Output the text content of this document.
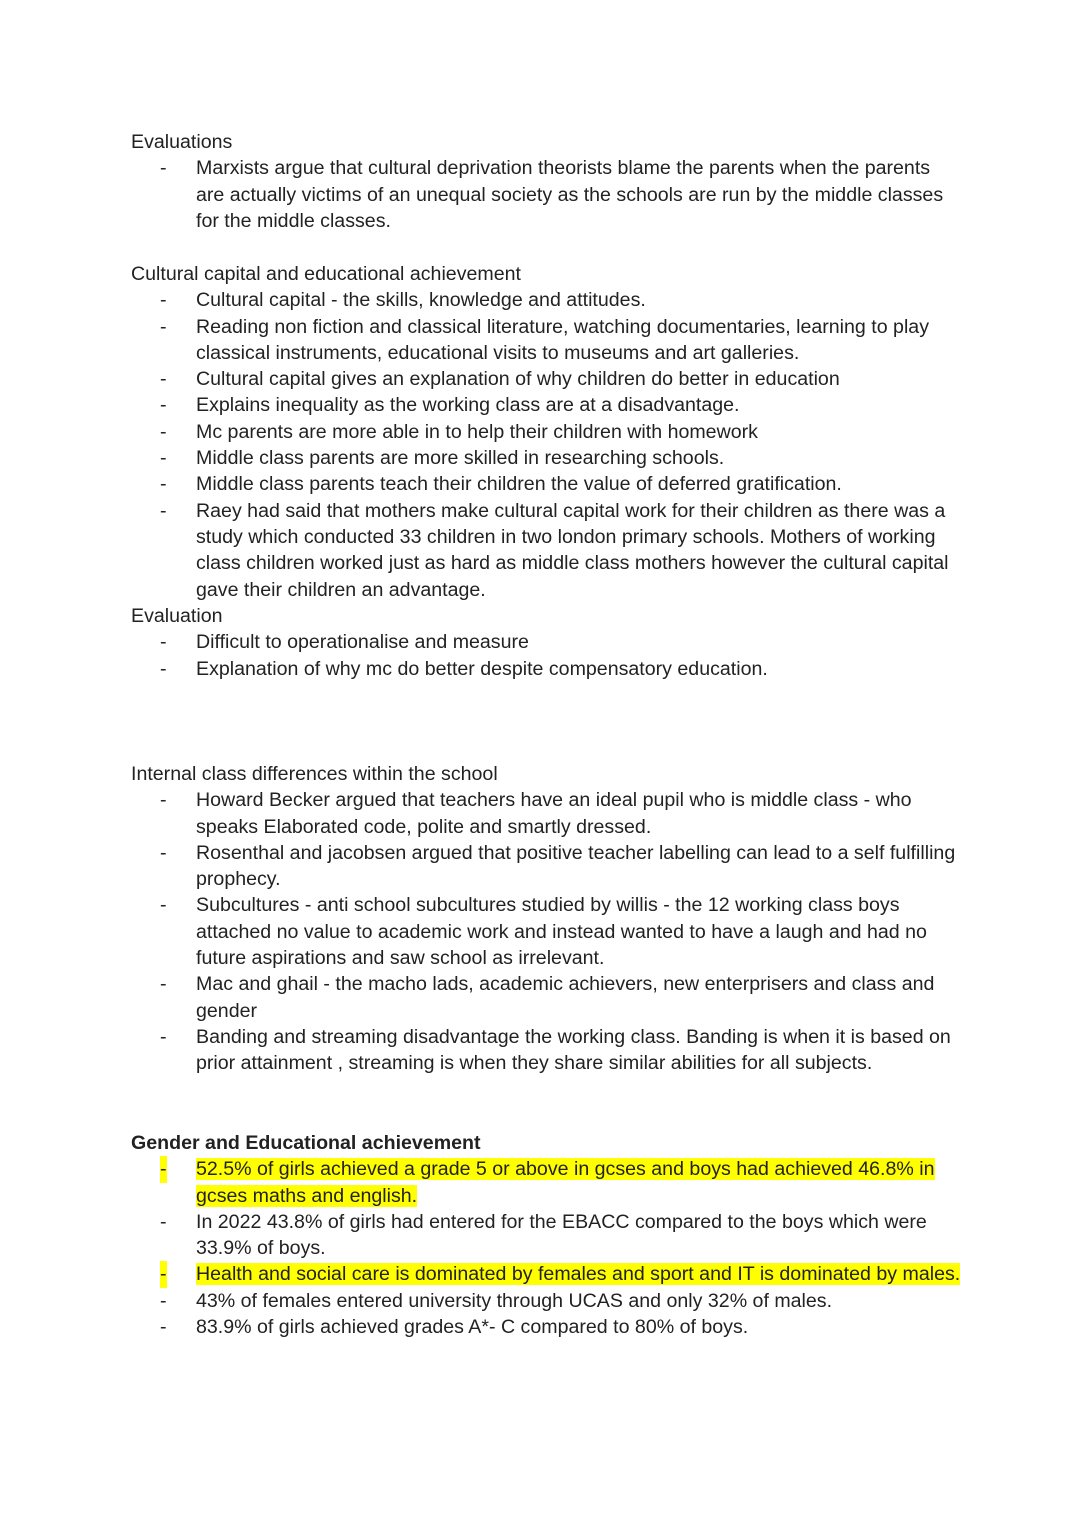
Evaluations

- Marxists argue that cultural deprivation theorists blame the parents when the parents are actually victims of an unequal society as the schools are run by the middle classes for the middle classes.

Cultural capital and educational achievement

- Cultural capital - the skills, knowledge and attitudes.
- Reading non fiction and classical literature, watching documentaries, learning to play classical instruments, educational visits to museums and art galleries.
- Cultural capital gives an explanation of why children do better in education
- Explains inequality as the working class are at a disadvantage.
- Mc parents are more able in to help their children with homework
- Middle class parents are more skilled in researching schools.
- Middle class parents teach their children the value of deferred gratification.
- Raey had said that mothers make cultural capital work for their children as there was a study which conducted 33 children in two london primary schools. Mothers of working class children worked just as hard as middle class mothers however the cultural capital gave their children an advantage.

Evaluation

- Difficult to operationalise and measure
- Explanation of why mc do better despite compensatory education.

Internal class differences within the school

- Howard Becker argued that teachers have an ideal pupil who is middle class - who speaks Elaborated code, polite and smartly dressed.
- Rosenthal and jacobsen argued that positive teacher labelling can lead to a self fulfilling prophecy.
- Subcultures - anti school subcultures studied by willis - the 12 working class boys attached no value to academic work and instead wanted to have a laugh and had no future aspirations and saw school as irrelevant.
- Mac and ghail - the macho lads, academic achievers, new enterprisers and class and gender
- Banding and streaming disadvantage the working class. Banding is when it is based on prior attainment , streaming is when they share similar abilities for all subjects.

Gender and Educational achievement

- 52.5% of girls achieved a grade 5 or above in gcses and boys had achieved 46.8% in gcses maths and english.
- In 2022 43.8% of girls had entered for the EBACC compared to the boys which were 33.9% of boys.
- Health and social care is dominated by females and sport and IT is dominated by males.
- 43% of females entered university through UCAS and only 32% of males.
- 83.9% of girls achieved grades A*- C compared to 80% of boys.
